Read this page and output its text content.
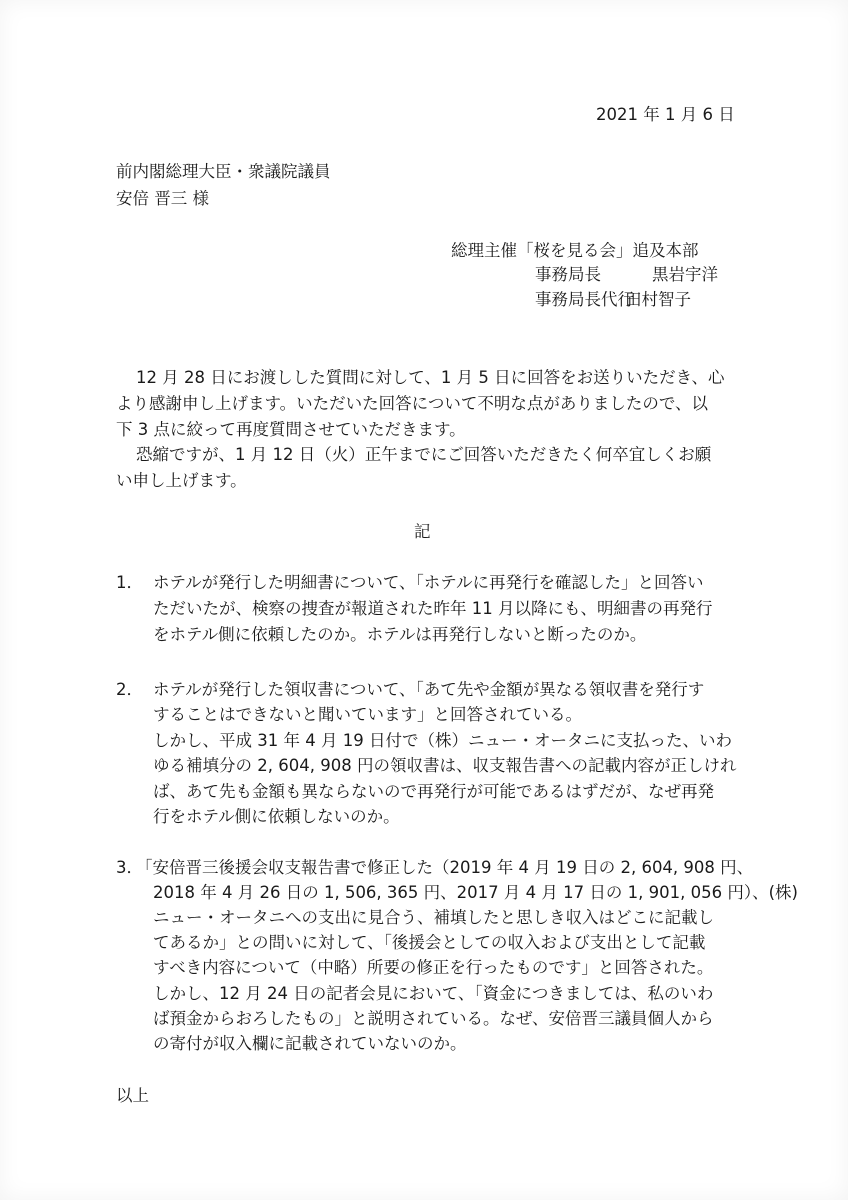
2021 年 1 月 6 日
前内閣総理大臣・衆議院議員
安倍 晋三 様
総理主催「桜を見る会」追及本部
事務局長	黒岩宇洋
事務局長代行
田村智子
12 月 28 日にお渡しした質問に対して、1 月 5 日に回答をお送りいただき、心
より感謝申し上げます。いただいた回答について不明な点がありましたので、以
下 3 点に絞って再度質問させていただきます。
恐縮ですが、1 月 12 日（火）正午までにご回答いただきたく何卒宜しくお願
い申し上げます。
記
1． ホテルが発行した明細書について、「ホテルに再発行を確認した」と回答い
ただいたが、検察の捜査が報道された昨年 11 月以降にも、明細書の再発行
をホテル側に依頼したのか。ホテルは再発行しないと断ったのか。
2． ホテルが発行した領収書について、「あて先や金額が異なる領収書を発行す
することはできないと聞いています」と回答されている。
しかし、平成 31 年 4 月 19 日付で（株）ニュー・オータニに支払った、いわ
ゆる補填分の 2, 604, 908 円の領収書は、収支報告書への記載内容が正しけれ
ば、あて先も金額も異ならないので再発行が可能であるはずだが、なぜ再発
行をホテル側に依頼しないのか。
3．
「安倍晋三後援会収支報告書で修正した（2019 年 4 月 19 日の 2, 604, 908 円、
2018 年 4 月 26 日の 1, 506, 365 円、2017 月 4 月 17 日の 1, 901, 056 円）、(株)
ニュー・オータニへの支出に見合う、補填したと思しき収入はどこに記載し
てあるか」との問いに対して、「後援会としての収入および支出として記載
すべき内容について（中略）所要の修正を行ったものです」と回答された。
しかし、12 月 24 日の記者会見において、「資金につきましては、私のいわ
ば預金からおろしたもの」と説明されている。なぜ、安倍晋三議員個人から
の寄付が収入欄に記載されていないのか。
以上
